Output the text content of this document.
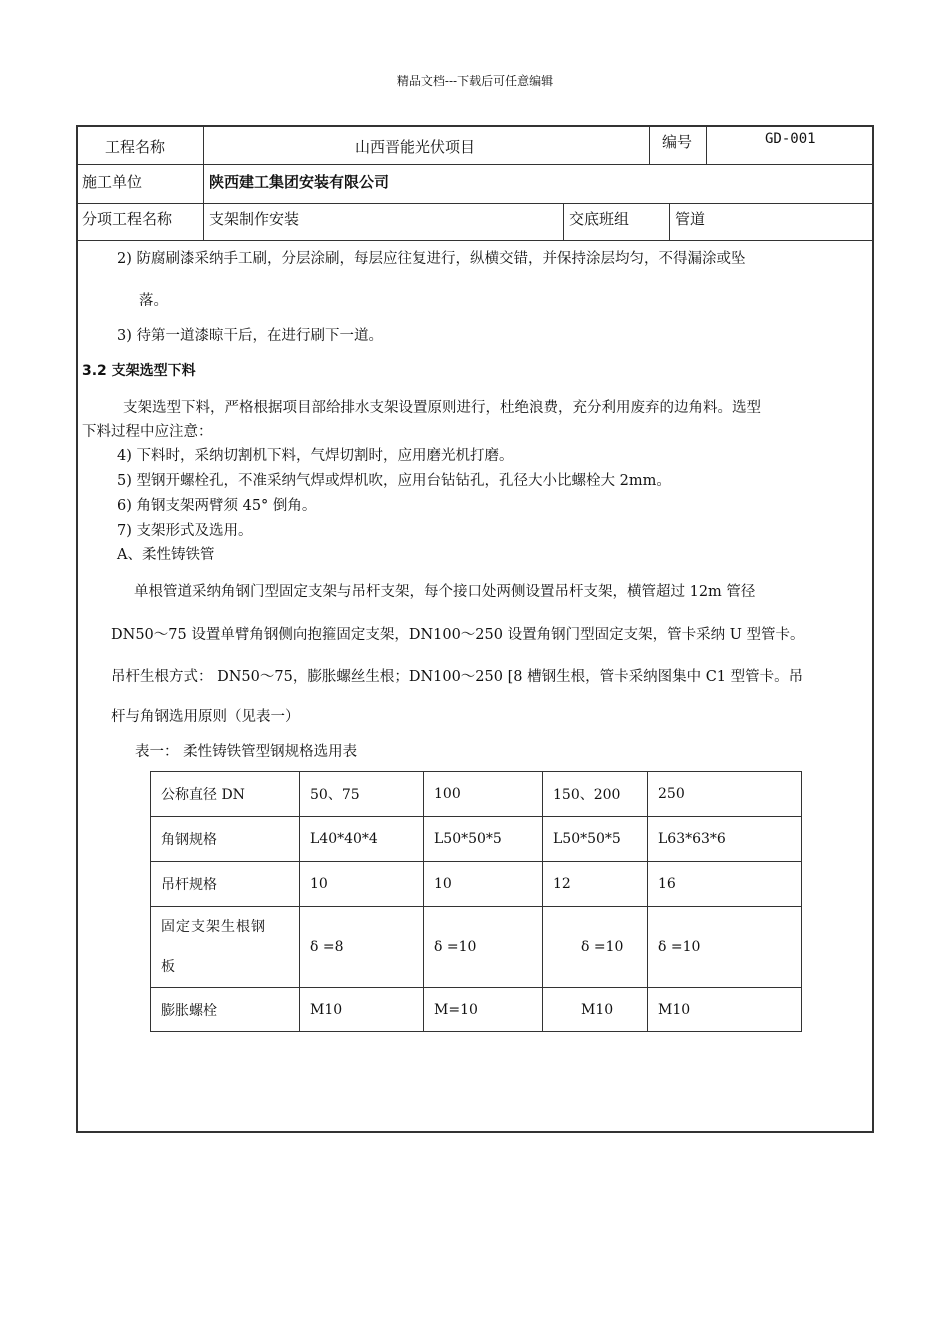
精品文档---下载后可任意编辑
工程名称	山西晋能光伏项目	编号	GD-001
施工单位	陕西建工集团安装有限公司
分项工程名称 支架制作安装	交底班组	管道
2) 防腐刷漆采纳手工刷，分层涂刷，每层应往复进行，纵横交错，并保持涂层均匀，不得漏涂或坠
落。
3) 待第一道漆晾干后，在进行刷下一道。
3.2 支架选型下料
支架选型下料，严格根据项目部给排水支架设置原则进行，杜绝浪费，充分利用废弃的边角料。选型
下料过程中应注意：
4) 下料时，采纳切割机下料，气焊切割时，应用磨光机打磨。
5) 型钢开螺栓孔，不准采纳气焊或焊机吹，应用台钻钻孔，孔径大小比螺栓大 2mm。
6) 角钢支架两臂须 45° 倒角。
7) 支架形式及选用。
A、柔性铸铁管
单根管道采纳角钢门型固定支架与吊杆支架，每个接口处两侧设置吊杆支架，横管超过 12m 管径
DN50～75 设置单臂角钢侧向抱箍固定支架，DN100～250 设置角钢门型固定支架，管卡采纳 U 型管卡。
吊杆生根方式： DN50～75，膨胀螺丝生根；DN100～250 [8 槽钢生根，管卡采纳图集中 C1 型管卡。吊
杆与角钢选用原则（见表一）
表一： 柔性铸铁管型钢规格选用表
公称直径 DN	50、75	100	150、200	250
角钢规格	L40*40*4	L50*50*5	L50*50*5	L63*63*6
吊杆规格	10	10	12	16
固定支架生根钢
板	δ =8	δ =10	δ =10	δ =10
膨胀螺栓	M10	M=10	M10	M10
